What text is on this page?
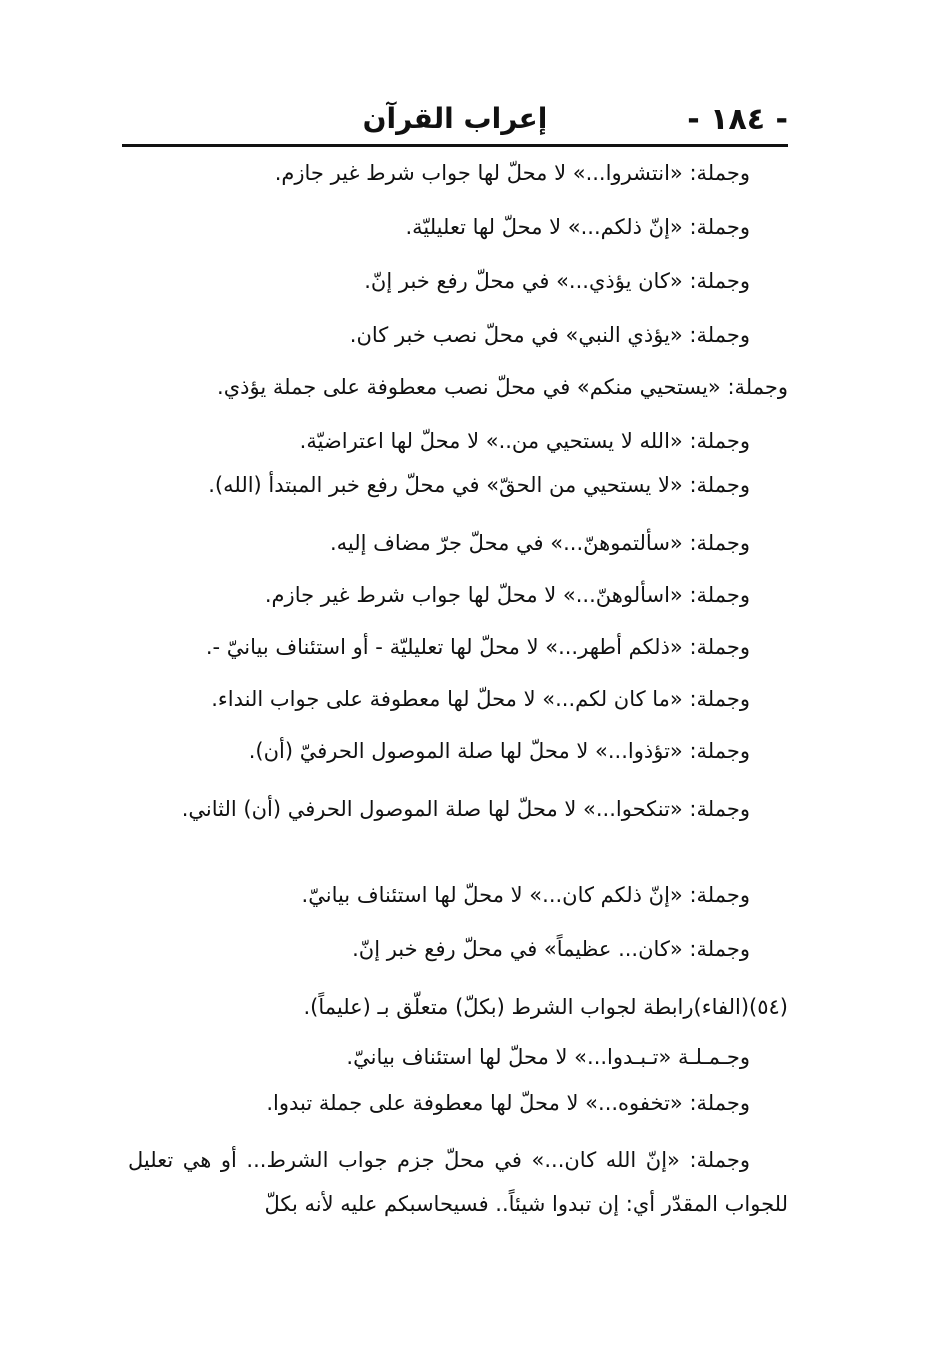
- ١٨٤ -
إعراب القرآن
وجملة: «انتشروا...» لا محلّ لها جواب شرط غير جازم.
وجملة: «إنّ ذلكم...» لا محلّ لها تعليليّة.
وجملة: «كان يؤذي...» في محلّ رفع خبر إنّ.
وجملة: «يؤذي النبي» في محلّ نصب خبر كان.
وجملة: «يستحيي منكم» في محلّ نصب معطوفة على جملة يؤذي.
وجملة: «الله لا يستحيي من..» لا محلّ لها اعتراضيّة.
وجملة: «لا يستحيي من الحقّ» في محلّ رفع خبر المبتدأ (الله).
وجملة: «سألتموهنّ...» في محلّ جرّ مضاف إليه.
وجملة: «اسألوهنّ...» لا محلّ لها جواب شرط غير جازم.
وجملة: «ذلكم أطهر...» لا محلّ لها تعليليّة - أو استئناف بيانيّ -.
وجملة: «ما كان لكم...» لا محلّ لها معطوفة على جواب النداء.
وجملة: «تؤذوا...» لا محلّ لها صلة الموصول الحرفيّ (أن).
وجملة: «تنكحوا...» لا محلّ لها صلة الموصول الحرفي (أن) الثاني.
وجملة: «إنّ ذلكم كان...» لا محلّ لها استئناف بيانيّ.
وجملة: «كان... عظيماً» في محلّ رفع خبر إنّ.
(٥٤)(الفاء)رابطة لجواب الشرط (بكلّ) متعلّق بـ (عليماً).
وجـمـلـة «تـبـدوا...» لا محلّ لها استئناف بيانيّ.
وجملة: «تخفوه...» لا محلّ لها معطوفة على جملة تبدوا.
وجملة: «إنّ الله كان...» في محلّ جزم جواب الشرط... أو هي تعليل للجواب المقدّر أي: إن تبدوا شيئاً.. فسيحاسبكم عليه لأنه بكلّ
